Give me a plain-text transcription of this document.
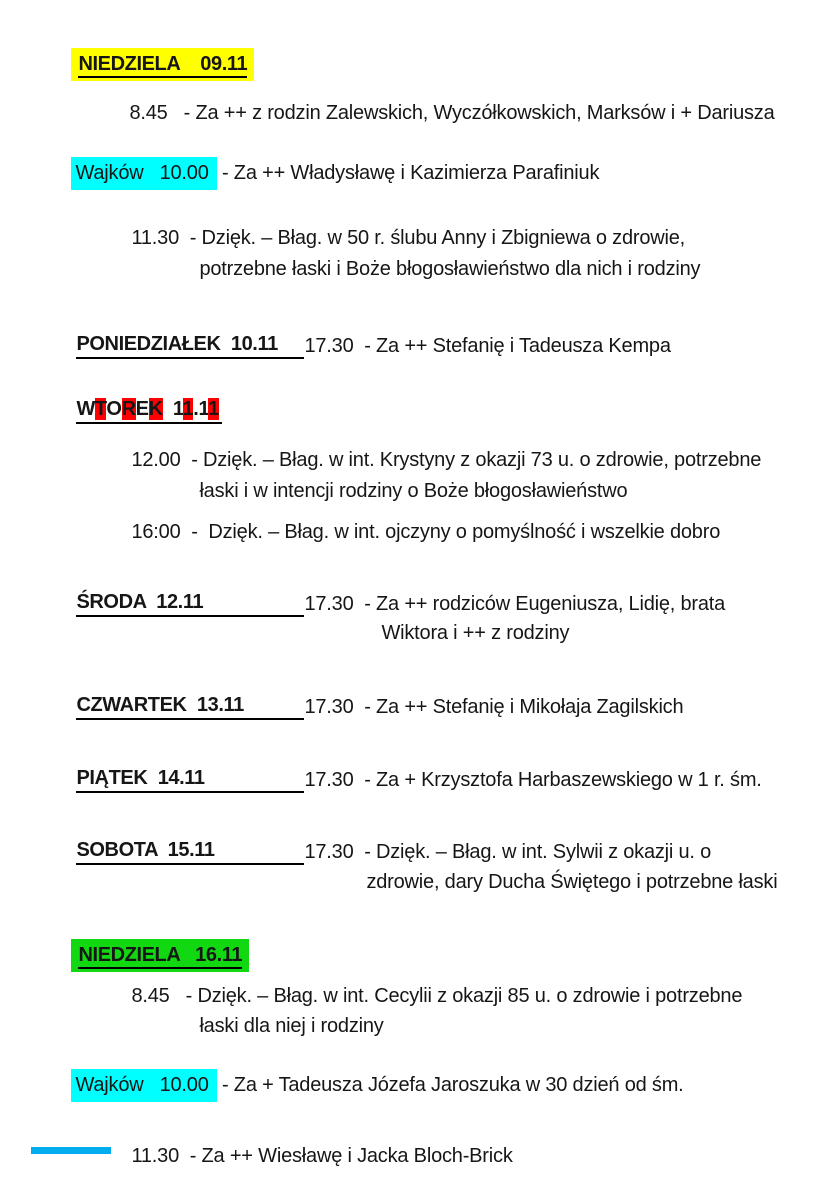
NIEDZIELA    09.11

8.45   - Za ++ z rodzin Zalewskich, Wyczółkowskich, Marksów i + Dariusza

Wajków   10.00 - Za ++ Władysławę i Kazimierza Parafiniuk

11.30  - Dzięk. – Błag. w 50 r. ślubu Anny i Zbigniewa o zdrowie,

potrzebne łaski i Boże błogosławieństwo dla nich i rodziny

PONIEDZIAŁEK  10.11 17.30  - Za ++ Stefanię i Tadeusza Kempa

WTOREK  11.11

12.00  - Dzięk. – Błag. w int. Krystyny z okazji 73 u. o zdrowie, potrzebne

łaski i w intencji rodziny o Boże błogosławieństwo

16:00  -  Dzięk. – Błag. w int. ojczyny o pomyślność i wszelkie dobro

ŚRODA  12.11	17.30  - Za ++ rodziców Eugeniusza, Lidię, brata

Wiktora i ++ z rodziny

CZWARTEK  13.11	17.30  - Za ++ Stefanię i Mikołaja Zagilskich

PIĄTEK  14.11	17.30  - Za + Krzysztofa Harbaszewskiego w 1 r. śm.

SOBOTA  15.11	17.30  - Dzięk. – Błag. w int. Sylwii z okazji u. o

zdrowie, dary Ducha Świętego i potrzebne łaski

NIEDZIELA   16.11

8.45   - Dzięk. – Błag. w int. Cecylii z okazji 85 u. o zdrowie i potrzebne

łaski dla niej i rodziny

Wajków   10.00 - Za + Tadeusza Józefa Jaroszuka w 30 dzień od śm.

11.30  - Za ++ Wiesławę i Jacka Bloch-Brick
